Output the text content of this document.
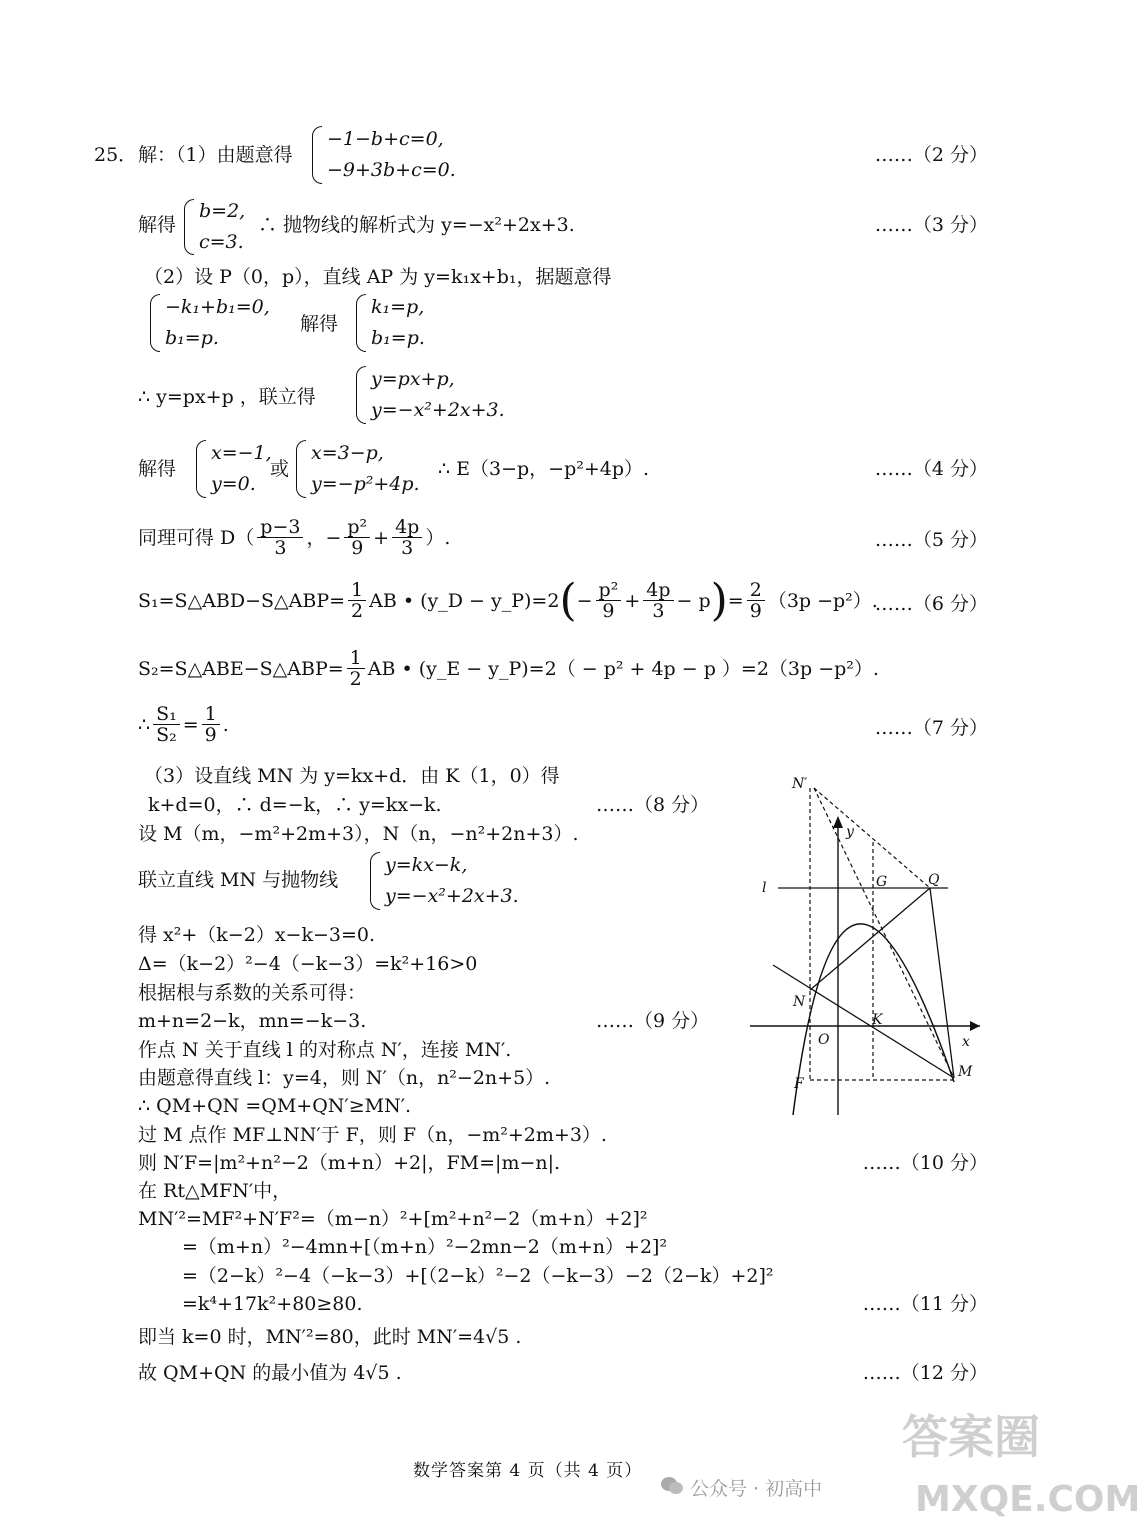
25． 解：（1）由题意得
−1−b+c=0,
−9+3b+c=0.
……（2 分）
解得
b=2,
c=3.
∴ 抛物线的解析式为 y=−x²+2x+3.	……（3 分）
（2）设 P（0，p），直线 AP 为 y=k₁x+b₁，据题意得
−k₁+b₁=0,
b₁=p.
解得
k₁=p,
b₁=p.
∴ y=px+p ，联立得
y=px+p,
y=−x²+2x+3.
解得
x=−1,
y=0.
或
x=3−p,
y=−p²+4p.
∴ E（3−p，−p²+4p）.	……（4 分）
同理可得 $D( \frac{p-3}{3}$ ，− $\frac{\text{p²}}{9} + \frac{4p}{3}$ ）.	……（5 分）
S₁=S△ABD−S△ABP= $\frac{1}{2}$ AB • (y_D − y_P)=2 ( − $\frac{\text{p²}}{9} + \frac{4p}{3} - p$ ) = $\frac{2}{9} (3p -p^2)$.
……（6 分）
S₂=S△ABE−S△ABP= $\frac{1}{2}$ AB • (y_E − y_P)=2（ − p² + 4p − p ）=2（3p −p²）.
∴ $\frac{\text{S₁}}{\text{S₂}} = \frac{1}{9}$ .	……（7 分）
（3）设直线 MN 为 y=kx+d．由 K（1，0）得
k+d=0，∴ d=−k，∴ y=kx−k.	……（8 分）
设 M（m，−m²+2m+3），N（n，−n²+2n+3）.
联立直线 MN 与抛物线
y=kx−k,
y=−x²+2x+3.
得 x²+（k−2）x−k−3=0.
Δ=（k−2）²−4（−k−3）=k²+16>0
根据根与系数的关系可得：
m+n=2−k，mn=−k−3.	……（9 分）
作点 N 关于直线 l 的对称点 N′，连接 MN′.
由题意得直线 l：y=4，则 N′（n，n²−2n+5）.
∴ QM+QN =QM+QN′≥MN′.
过 M 点作 MF⊥NN′于 F，则 F（n，−m²+2m+3）.
则 N′F=|m²+n²−2（m+n）+2|，FM=|m−n|.	……（10 分）
在 Rt△MFN′中，
MN′²=MF²+N′F²=（m−n）²+[m²+n²−2（m+n）+2]²
=（m+n）²−4mn+[（m+n）²−2mn−2（m+n）+2]²
=（2−k）²−4（−k−3）+[（2−k）²−2（−k−3）−2（2−k）+2]²
=k⁴+17k²+80≥80.	……（11 分）
即当 k=0 时，MN′²=80，此时 MN′=4√5 .
故 QM+QN 的最小值为 4√5 .	……（12 分）
N′
y
l	G	Q
N
K
O	x
F
M
数学答案第 4 页（共 4 页）
公众号 · 初高中
答案圈
MXQE.COM
